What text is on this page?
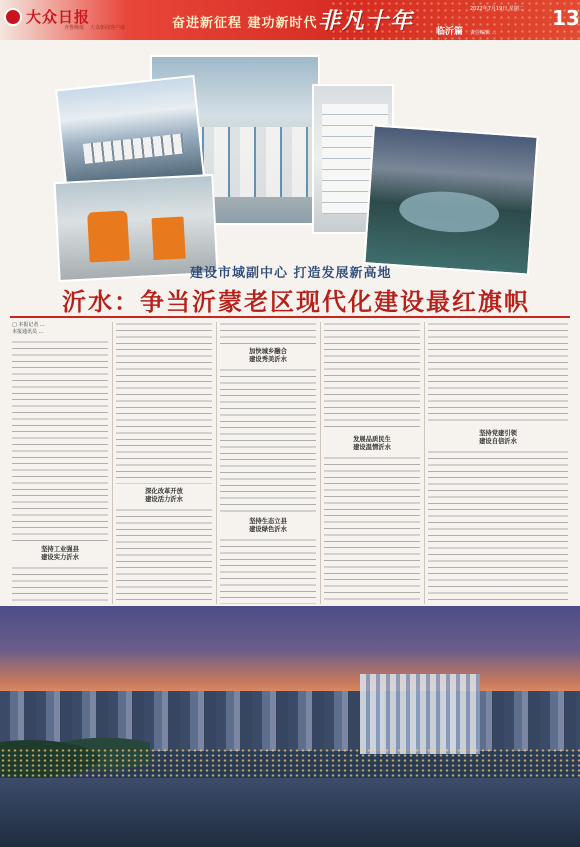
大众日报
齐鲁晚报 大众新闻客户端	奋进新征程 建功新时代 非凡十年 临沂篇
2022年7月19日 星期二
责任编辑 ...
13
建设市域副中心 打造发展新高地
沂水：争当沂蒙老区现代化建设最红旗帜
□ 本报记者 ...
本报通讯员 ...
坚持工业强县
建设实力沂水
深化改革开放
建设活力沂水
加快城乡融合
建设秀美沂水
坚持生态立县
建设绿色沂水
发展品质民生
建设温情沂水
坚持党建引领
建设自信沂水
